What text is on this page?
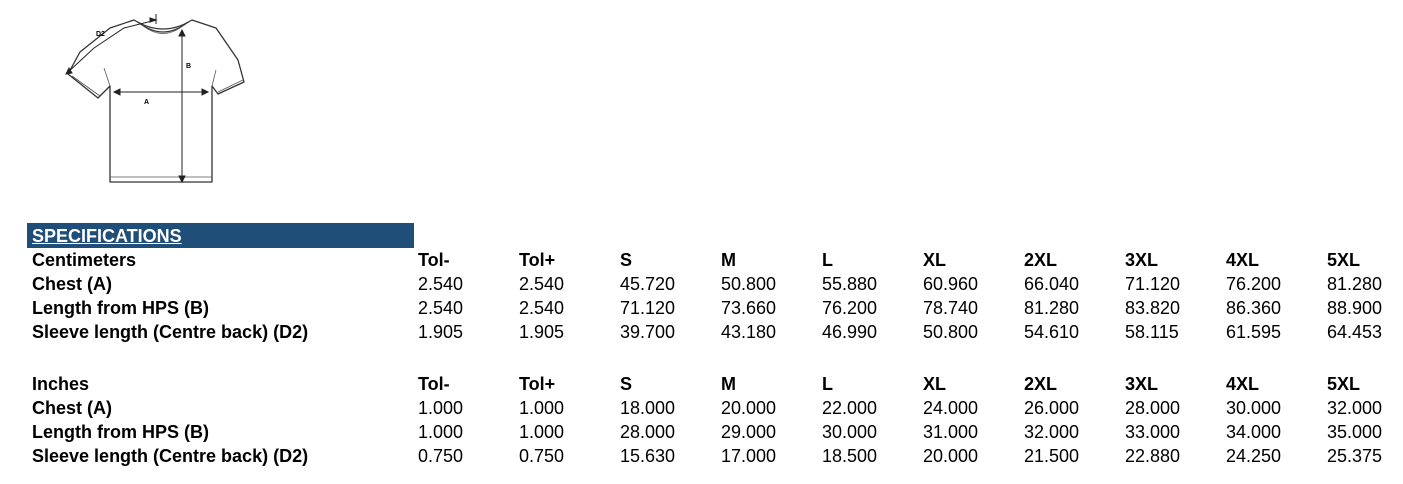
A
B
D2
SPECIFICATIONS
Centimeters	Tol-	Tol+	S	M	L	XL	2XL	3XL	4XL	5XL
Chest (A)	2.540	2.540	45.720	50.800	55.880	60.960	66.040	71.120	76.200	81.280
Length from HPS (B)	2.540	2.540	71.120	73.660	76.200	78.740	81.280	83.820	86.360	88.900
Sleeve length (Centre back) (D2)	1.905	1.905	39.700	43.180	46.990	50.800	54.610	58.115	61.595	64.453
Inches	Tol-	Tol+	S	M	L	XL	2XL	3XL	4XL	5XL
Chest (A)	1.000	1.000	18.000	20.000	22.000	24.000	26.000	28.000	30.000	32.000
Length from HPS (B)	1.000	1.000	28.000	29.000	30.000	31.000	32.000	33.000	34.000	35.000
Sleeve length (Centre back) (D2)	0.750	0.750	15.630	17.000	18.500	20.000	21.500	22.880	24.250	25.375
